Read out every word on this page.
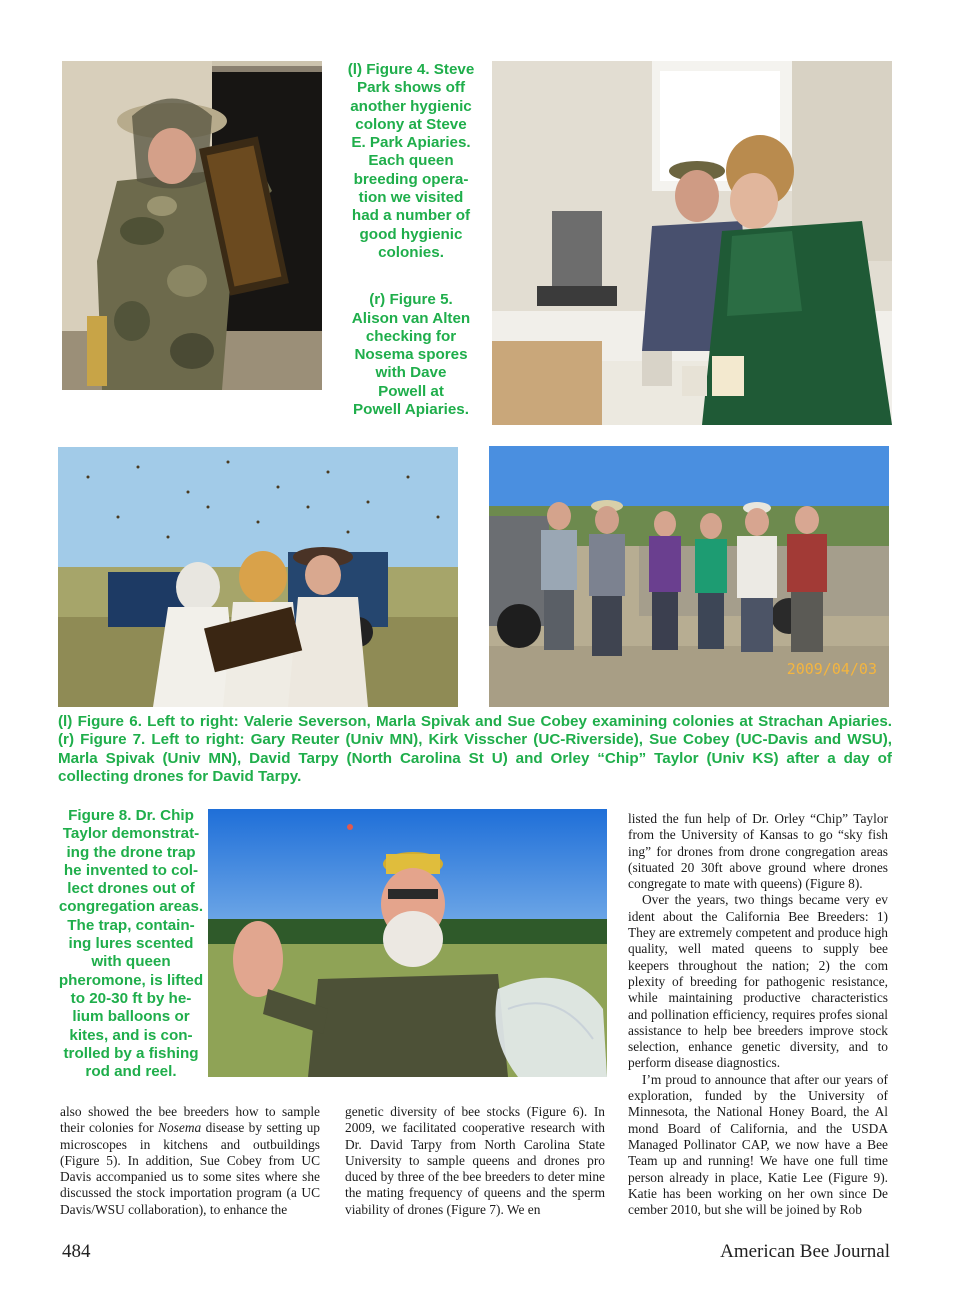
(l) Figure 4. Steve

Park shows off

another hygienic

colony at Steve

E. Park Apiaries.

Each queen

breeding opera-

tion we visited

had a number of

good hygienic

colonies.

(r) Figure 5.

Alison van Alten

checking for

Nosema spores

with Dave

Powell at

Powell Apiaries.

2009/04/03

(l) Figure 6. Left to right: Valerie Severson, Marla Spivak and Sue Cobey examining colonies at Strachan Apiaries. (r) Figure 7. Left to right: Gary Reuter (Univ MN), Kirk Visscher (UC-Riverside), Sue Cobey (UC-Davis and WSU), Marla Spivak (Univ MN), David Tarpy (North Carolina St U) and Orley “Chip” Taylor (Univ KS) after a day of collecting drones for David Tarpy.

Figure 8. Dr. Chip

Taylor demonstrat-

ing the drone trap

he invented to col-

lect drones out of

congregation areas.

The trap, contain-

ing lures scented

with queen

pheromone, is lifted

to 20-30 ft by he-

lium balloons or

kites, and is con-

trolled by a fishing

rod and reel.

listed the fun help of Dr. Orley “Chip” Taylor from the University of Kansas to go “sky fish ing” for drones from drone congregation areas (situated 20 30ft above ground where drones congregate to mate with queens) (Figure 8).

Over the years, two things became very ev ident about the California Bee Breeders: 1) They are extremely competent and produce high quality, well mated queens to supply bee keepers throughout the nation; 2) the com plexity of breeding for pathogenic resistance, while maintaining productive characteristics and pollination efficiency, requires profes sional assistance to help bee breeders improve stock selection, enhance genetic diversity, and to perform disease diagnostics.

I’m proud to announce that after our years of exploration, funded by the University of Minnesota, the National Honey Board, the Al mond Board of California, and the USDA Managed Pollinator CAP, we now have a Bee Team up and running! We have one full time person already in place, Katie Lee (Figure 9). Katie has been working on her own since De cember 2010, but she will be joined by Rob

also showed the bee breeders how to sample their colonies for Nosema disease by setting up microscopes in kitchens and outbuildings (Figure 5). In addition, Sue Cobey from UC Davis accompanied us to some sites where she discussed the stock importation program (a UC Davis/WSU collaboration), to enhance the

genetic diversity of bee stocks (Figure 6). In 2009, we facilitated cooperative research with Dr. David Tarpy from North Carolina State University to sample queens and drones pro duced by three of the bee breeders to deter mine the mating frequency of queens and the sperm viability of drones (Figure 7). We en

484	American Bee Journal
